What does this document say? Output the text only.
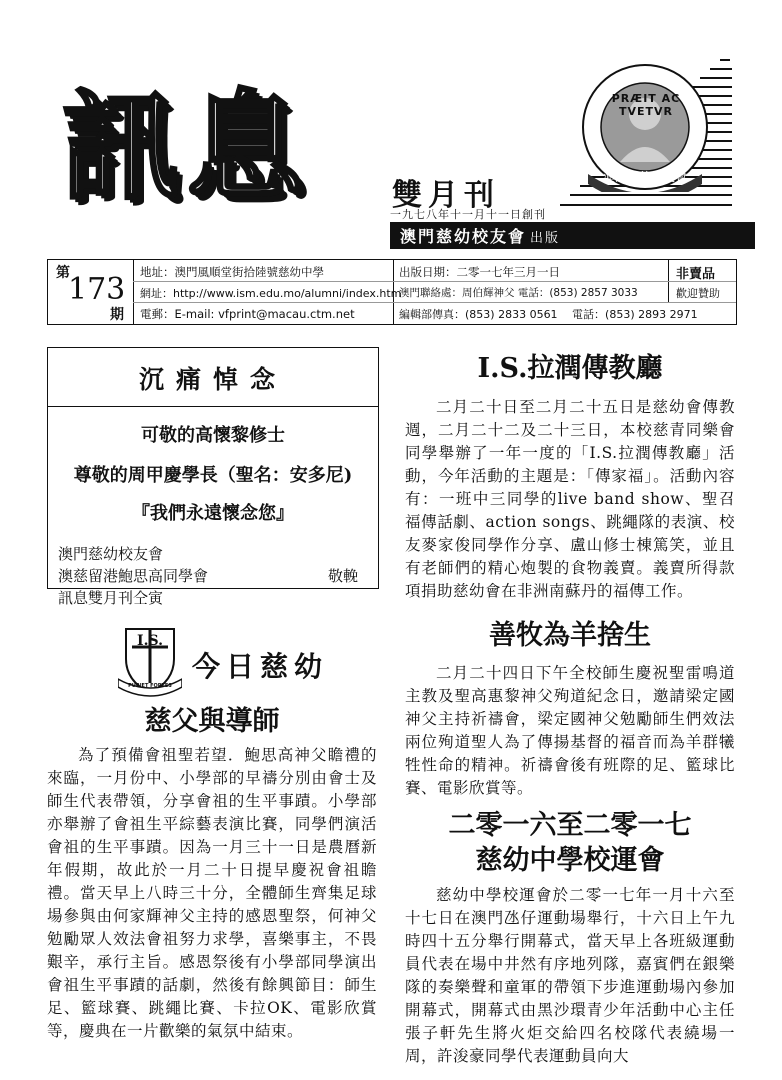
訊息	雙月刊
一九七八年十一月十一日創刊
澳門慈幼校友會 出版
PRÆIT AC TVETVR
澳門慈幼校友會
第
173
期
地址：澳門風順堂街拾陸號慈幼中學
網址：http://www.ism.edu.mo/alumni/index.htm
電郵：E-mail: vfprint@macau.ctm.net
出版日期：二零一七年三月一日
澳門聯絡處：周伯輝神父 電話：(853) 2857 3033
編輯部傳真：(853) 2833 0561　 電話：(853) 2893 2971
非賣品
歡迎贊助
沉痛悼念
可敬的高懷黎修士
尊敬的周甲慶學長（聖名：安多尼)
『我們永遠懷念您』
澳門慈幼校友會
澳慈留港鮑思高同學會
訊息雙月刊仝寅
敬輓
I.S.
PURIET FORTES
今日慈幼
慈父與導師

為了預備會祖聖若望．鮑思高神父瞻禮的來臨，一月份中、小學部的早禱分別由會士及師生代表帶領，分享會祖的生平事蹟。小學部亦舉辦了會祖生平綜藝表演比賽，同學們演活會祖的生平事蹟。因為一月三十一日是農曆新年假期，故此於一月二十日提早慶祝會祖瞻禮。當天早上八時三十分，全體師生齊集足球場參與由何家輝神父主持的感恩聖祭，何神父勉勵眾人效法會祖努力求學，喜樂事主，不畏艱辛，承行主旨。感恩祭後有小學部同學演出會祖生平事蹟的話劇，然後有餘興節目：師生足、籃球賽、跳繩比賽、卡拉OK、電影欣賞等，慶典在一片歡樂的氣氛中結束。

I.S.拉潤傳教廳

二月二十日至二月二十五日是慈幼會傳教週，二月二十二及二十三日，本校慈青同樂會同學舉辦了一年一度的「I.S.拉潤傳教廳」活動，今年活動的主題是：「傳家福」。活動內容有：一班中三同學的live band show、聖召福傳話劇、action songs、跳繩隊的表演、校友麥家俊同學作分享、盧山修士棟篤笑，並且有老師們的精心炮製的食物義賣。義賣所得款項捐助慈幼會在非洲南蘇丹的福傳工作。

善牧為羊捨生

二月二十四日下午全校師生慶祝聖雷鳴道主教及聖高惠黎神父殉道紀念日，邀請梁定國神父主持祈禱會，梁定國神父勉勵師生們效法兩位殉道聖人為了傳揚基督的福音而為羊群犧牲性命的精神。祈禱會後有班際的足、籃球比賽、電影欣賞等。

二零一六至二零一七
慈幼中學校運會

慈幼中學校運會於二零一七年一月十六至十七日在澳門氹仔運動場舉行，十六日上午九時四十五分舉行開幕式，當天早上各班級運動員代表在場中井然有序地列隊，嘉賓們在銀樂隊的奏樂聲和童軍的帶領下步進運動場內參加開幕式，開幕式由黑沙環青少年活動中心主任張子軒先生將火炬交給四名校隊代表繞場一周，許浚豪同學代表運動員向大
